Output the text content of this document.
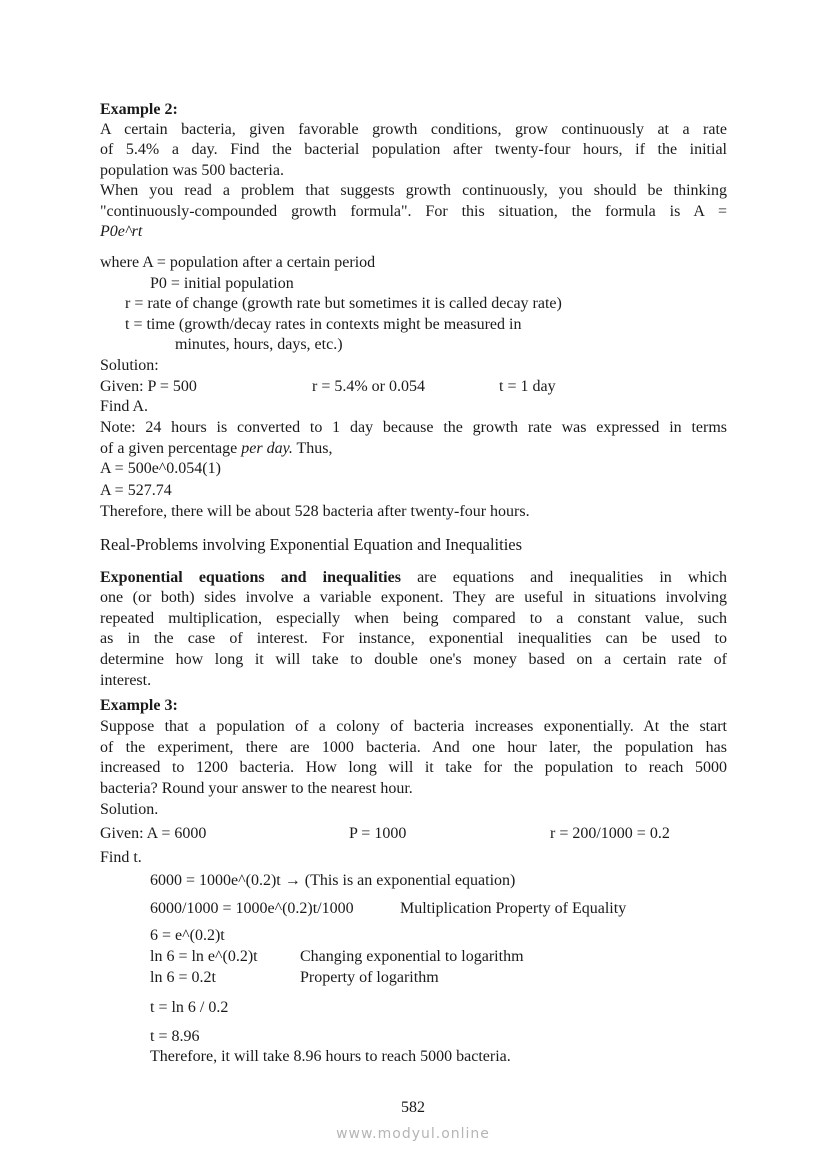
Example 2:
A certain bacteria, given favorable growth conditions, grow continuously at a rate
of 5.4% a day. Find the bacterial population after twenty-four hours, if the initial
population was 500 bacteria.
When you read a problem that suggests growth continuously, you should be thinking
"continuously-compounded growth formula". For this situation, the formula is A =
P0e^rt
where A = population after a certain period
P0 = initial population
r = rate of change (growth rate but sometimes it is called decay rate)
t = time (growth/decay rates in contexts might be measured in
minutes, hours, days, etc.)
Solution:
Given: P = 500	r = 5.4% or 0.054	t = 1 day
Find A.
Note: 24 hours is converted to 1 day because the growth rate was expressed in terms
of a given percentage per day. Thus,
A = 500e^0.054(1)
A = 527.74
Therefore, there will be about 528 bacteria after twenty-four hours.
Real-Problems involving Exponential Equation and Inequalities
Exponential equations and inequalities are equations and inequalities in which
one (or both) sides involve a variable exponent. They are useful in situations involving
repeated multiplication, especially when being compared to a constant value, such
as in the case of interest. For instance, exponential inequalities can be used to
determine how long it will take to double one's money based on a certain rate of
interest.
Example 3:
Suppose that a population of a colony of bacteria increases exponentially. At the start
of the experiment, there are 1000 bacteria. And one hour later, the population has
increased to 1200 bacteria. How long will it take for the population to reach 5000
bacteria? Round your answer to the nearest hour.
Solution.
Given: A = 6000	P = 1000	r = 200/1000 = 0.2
Find t.
6000 = 1000e^(0.2)t → (This is an exponential equation)
6000/1000 = 1000e^(0.2)t/1000	Multiplication Property of Equality
6 = e^(0.2)t
ln 6 = ln e^(0.2)t	Changing exponential to logarithm
ln 6 = 0.2t	Property of logarithm
t = ln 6 / 0.2
t = 8.96
Therefore, it will take 8.96 hours to reach 5000 bacteria.
582
www.modyul.online
